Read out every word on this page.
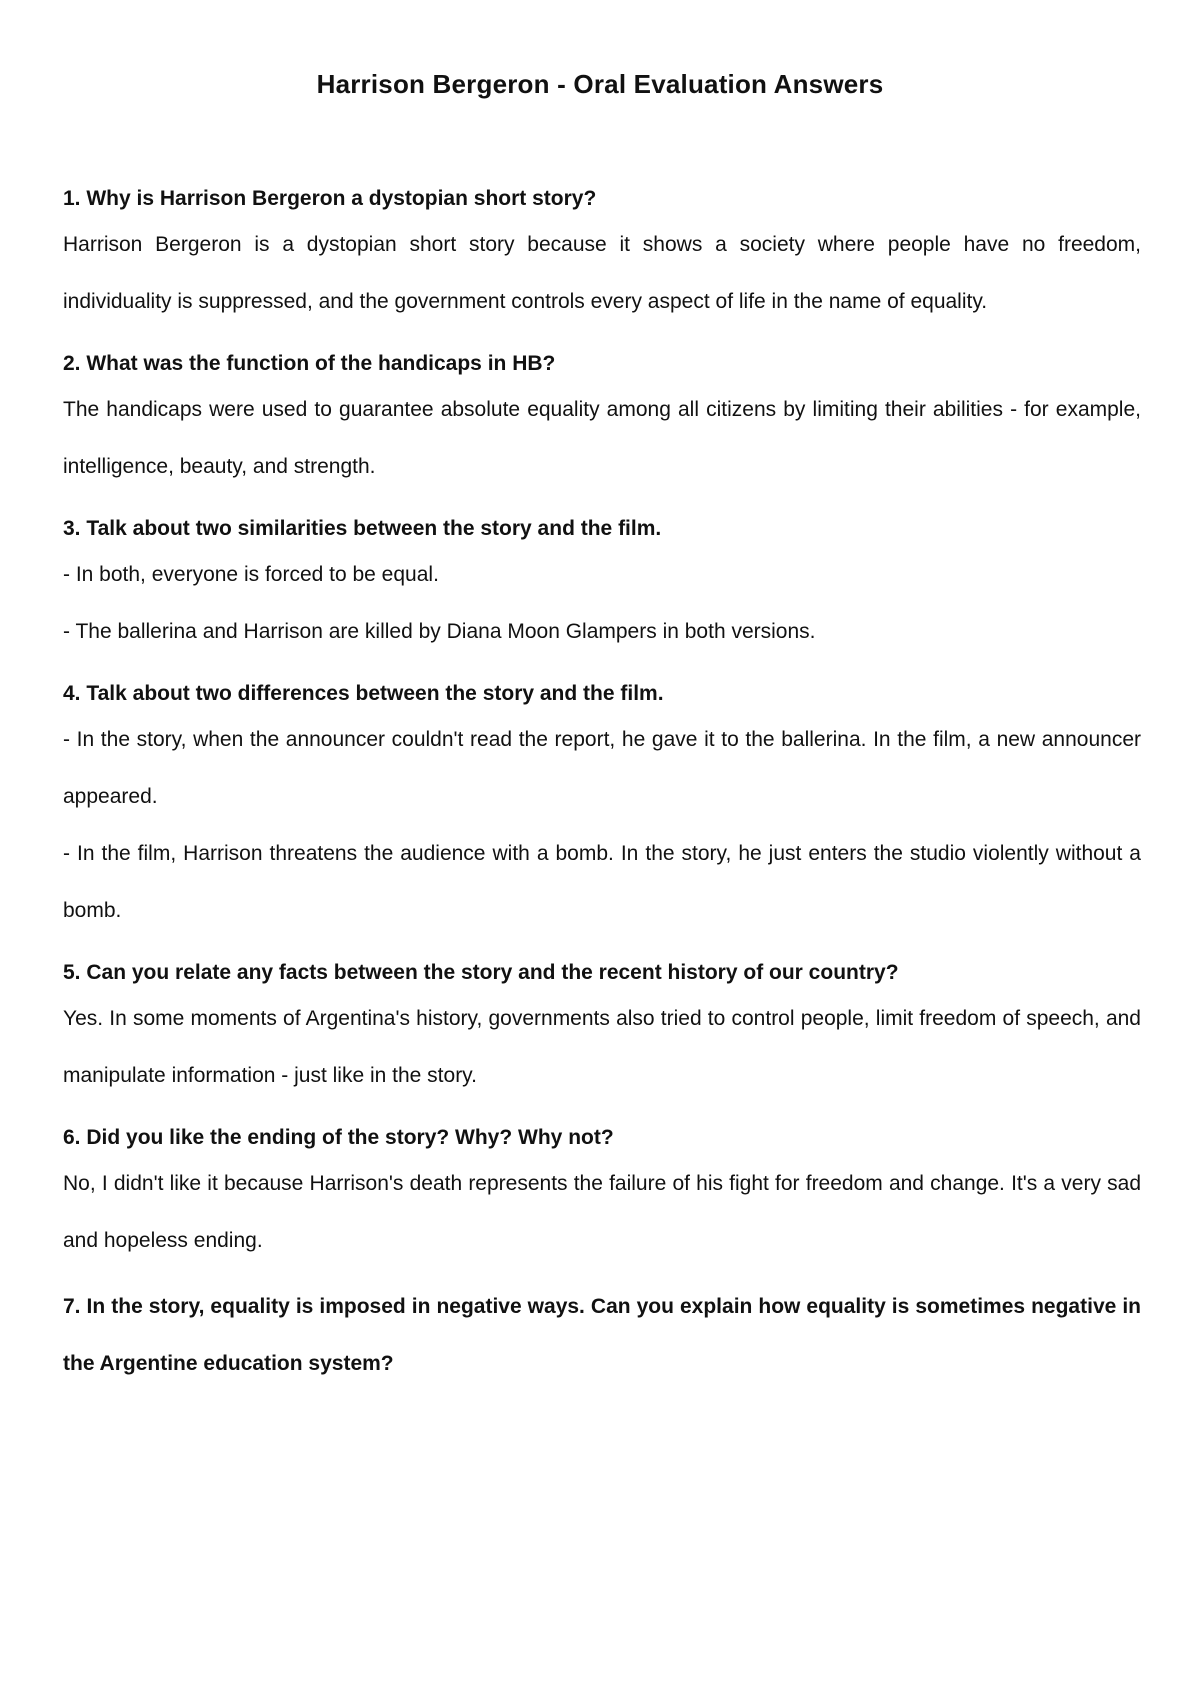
Harrison Bergeron - Oral Evaluation Answers

1. Why is Harrison Bergeron a dystopian short story?

Harrison Bergeron is a dystopian short story because it shows a society where people have no freedom, individuality is suppressed, and the government controls every aspect of life in the name of equality.

2. What was the function of the handicaps in HB?

The handicaps were used to guarantee absolute equality among all citizens by limiting their abilities - for example, intelligence, beauty, and strength.

3. Talk about two similarities between the story and the film.

- In both, everyone is forced to be equal.

- The ballerina and Harrison are killed by Diana Moon Glampers in both versions.

4. Talk about two differences between the story and the film.

- In the story, when the announcer couldn't read the report, he gave it to the ballerina. In the film, a new announcer appeared.

- In the film, Harrison threatens the audience with a bomb. In the story, he just enters the studio violently without a bomb.

5. Can you relate any facts between the story and the recent history of our country?

Yes. In some moments of Argentina's history, governments also tried to control people, limit freedom of speech, and manipulate information - just like in the story.

6. Did you like the ending of the story? Why? Why not?

No, I didn't like it because Harrison's death represents the failure of his fight for freedom and change. It's a very sad and hopeless ending.

7. In the story, equality is imposed in negative ways. Can you explain how equality is sometimes negative in the Argentine education system?
